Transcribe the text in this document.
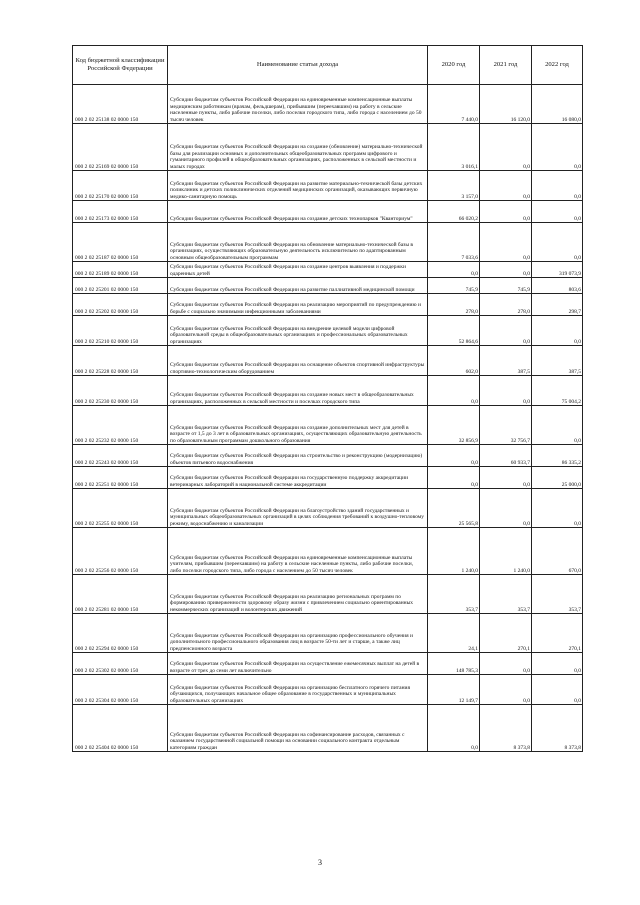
Код бюджетной классификации Российской Федерации	Наименование статьи дохода	2020 год	2021 год	2022 год
000 2 02 25138 02 0000 150	Субсидии бюджетам субъектов Российской Федерации на единовременные компенсационные выплаты медицинским работникам (врачам, фельдшерам), прибывшим (переехавшим) на работу в сельские населенные пункты, либо рабочие поселки, либо поселки городского типа, либо города с населением до 50 тысяч человек	7 440,0	16 120,0	16 080,0
000 2 02 25169 02 0000 150	Субсидии бюджетам субъектов Российской Федерации на создание (обновление) материально-технической базы для реализации основных и дополнительных общеобразовательных программ цифрового и гуманитарного профилей в общеобразовательных организациях, расположенных в сельской местности и малых городах	3 016,1	0,0	0,0
000 2 02 25170 02 0000 150	Субсидии бюджетам субъектов Российской Федерации на развитие материально-технической базы детских поликлиник и детских поликлинических отделений медицинских организаций, оказывающих первичную медико-санитарную помощь	3 157,0	0,0	0,0
000 2 02 25173 02 0000 150	Субсидии бюджетам субъектов Российской Федерации на создание детских технопарков "Кванториум"	66 020,2	0,0	0,0
000 2 02 25187 02 0000 150	Субсидии бюджетам субъектов Российской Федерации на обновление материально-технической базы в организациях, осуществляющих образовательную деятельность исключительно по адаптированным основным общеобразовательным программам	7 033,6	0,0	0,0
000 2 02 25189 02 0000 150	Субсидии бюджетам субъектов Российской Федерации на создание центров выявления и поддержки одаренных детей	0,0	0,0	319 073,9
000 2 02 25201 02 0000 150	Субсидии бюджетам субъектов Российской Федерации на развитие паллиативной медицинской помощи	745,9	745,9	803,6
000 2 02 25202 02 0000 150	Субсидии бюджетам субъектов Российской Федерации на реализацию мероприятий по предупреждению и борьбе с социально значимыми инфекционными заболеваниями	278,0	278,0	298,7
000 2 02 25210 02 0000 150	Субсидии бюджетам субъектов Российской Федерации на внедрение целевой модели цифровой образовательной среды в общеобразовательных организациях и профессиональных образовательных организациях	52 864,6	0,0	0,0
000 2 02 25228 02 0000 150	Субсидии бюджетам субъектов Российской Федерации на оснащение объектов спортивной инфраструктуры спортивно-технологическим оборудованием	602,0	387,5	387,5
000 2 02 25230 02 0000 150	Субсидии бюджетам субъектов Российской Федерации на создание новых мест в общеобразовательных организациях, расположенных в сельской местности и поселках городского типа	0,0	0,0	75 004,2
000 2 02 25232 02 0000 150	Субсидии бюджетам субъектов Российской Федерации на создание дополнительных мест для детей в возрасте от 1,5 до 3 лет в образовательных организациях, осуществляющих образовательную деятельность по образовательным программам дошкольного образования	32 856,9	32 756,7	0,0
000 2 02 25243 02 0000 150	Субсидии бюджетам субъектов Российской Федерации на строительство и реконструкцию (модернизацию) объектов питьевого водоснабжения	0,0	60 933,7	86 335,2
000 2 02 25251 02 0000 150	Субсидии бюджетам субъектов Российской Федерации на государственную поддержку аккредитации ветеринарных лабораторий в национальной системе аккредитации	0,0	0,0	25 000,0
000 2 02 25255 02 0000 150	Субсидии бюджетам субъектов Российской Федерации на благоустройство зданий государственных и муниципальных общеобразовательных организаций в целях соблюдения требований к воздушно-тепловому режиму, водоснабжению и канализации	25 565,8	0,0	0,0
000 2 02 25256 02 0000 150	Субсидии бюджетам субъектов Российской Федерации на единовременные компенсационные выплаты учителям, прибывшим (переехавшим) на работу в сельские населенные пункты, либо рабочие поселки, либо поселки городского типа, либо города с населением до 50 тысяч человек	1 240,0	1 240,0	670,0
000 2 02 25281 02 0000 150	Субсидии бюджетам субъектов Российской Федерации на реализацию региональных программ по формированию приверженности здоровому образу жизни с привлечением социально ориентированных некоммерческих организаций и волонтерских движений	353,7	353,7	353,7
000 2 02 25294 02 0000 150	Субсидии бюджетам субъектов Российской Федерации на организацию профессионального обучения и дополнительного профессионального образования лиц в возрасте 50-ти лет и старше, а также лиц предпенсионного возраста	24,1	270,1	270,1
000 2 02 25302 02 0000 150	Субсидии бюджетам субъектов Российской Федерации на осуществление ежемесячных выплат на детей в возрасте от трех до семи лет включительно	148 785,3	0,0	0,0
000 2 02 25304 02 0000 150	Субсидии бюджетам субъектов Российской Федерации на организацию бесплатного горячего питания обучающихся, получающих начальное общее образование в государственных и муниципальных образовательных организациях	12 149,7	0,0	0,0
000 2 02 25404 02 0000 150	Субсидии бюджетам субъектов Российской Федерации на софинансирование расходов, связанных с оказанием государственной социальной помощи на основании социального контракта отдельным категориям граждан	0,0	8 373,8	8 373,8
3
